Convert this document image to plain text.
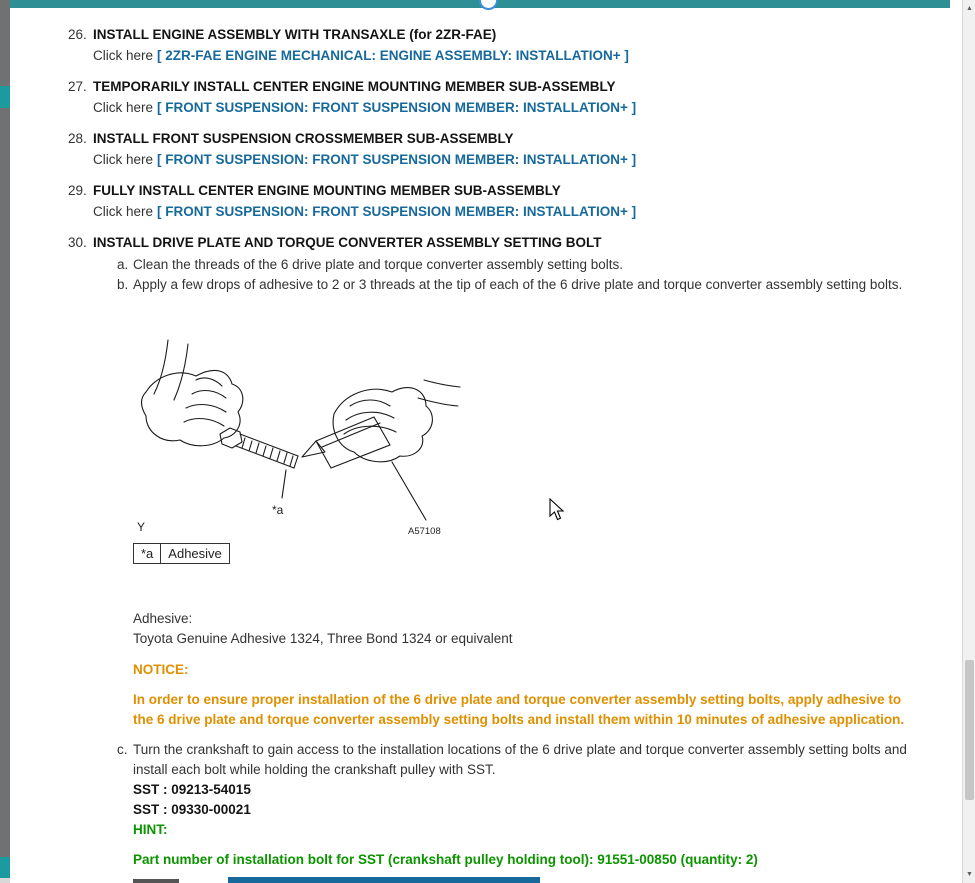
26. INSTALL ENGINE ASSEMBLY WITH TRANSAXLE (for 2ZR-FAE)
Click here [ 2ZR-FAE ENGINE MECHANICAL: ENGINE ASSEMBLY: INSTALLATION+ ]
27. TEMPORARILY INSTALL CENTER ENGINE MOUNTING MEMBER SUB-ASSEMBLY
Click here [ FRONT SUSPENSION: FRONT SUSPENSION MEMBER: INSTALLATION+ ]
28. INSTALL FRONT SUSPENSION CROSSMEMBER SUB-ASSEMBLY
Click here [ FRONT SUSPENSION: FRONT SUSPENSION MEMBER: INSTALLATION+ ]
29. FULLY INSTALL CENTER ENGINE MOUNTING MEMBER SUB-ASSEMBLY
Click here [ FRONT SUSPENSION: FRONT SUSPENSION MEMBER: INSTALLATION+ ]
30. INSTALL DRIVE PLATE AND TORQUE CONVERTER ASSEMBLY SETTING BOLT
a. Clean the threads of the 6 drive plate and torque converter assembly setting bolts.
b. Apply a few drops of adhesive to 2 or 3 threads at the tip of each of the 6 drive plate and torque converter assembly setting bolts.
*a
A57108
Y
*a	Adhesive
Adhesive:
Toyota Genuine Adhesive 1324, Three Bond 1324 or equivalent
NOTICE:
In order to ensure proper installation of the 6 drive plate and torque converter assembly setting bolts, apply adhesive to the 6 drive plate and torque converter assembly setting bolts and install them within 10 minutes of adhesive application.
c. Turn the crankshaft to gain access to the installation locations of the 6 drive plate and torque converter assembly setting bolts and install each bolt while holding the crankshaft pulley with SST.
SST : 09213-54015
SST : 09330-00021
HINT:
Part number of installation bolt for SST (crankshaft pulley holding tool): 91551-00850 (quantity: 2)
▲
▼
